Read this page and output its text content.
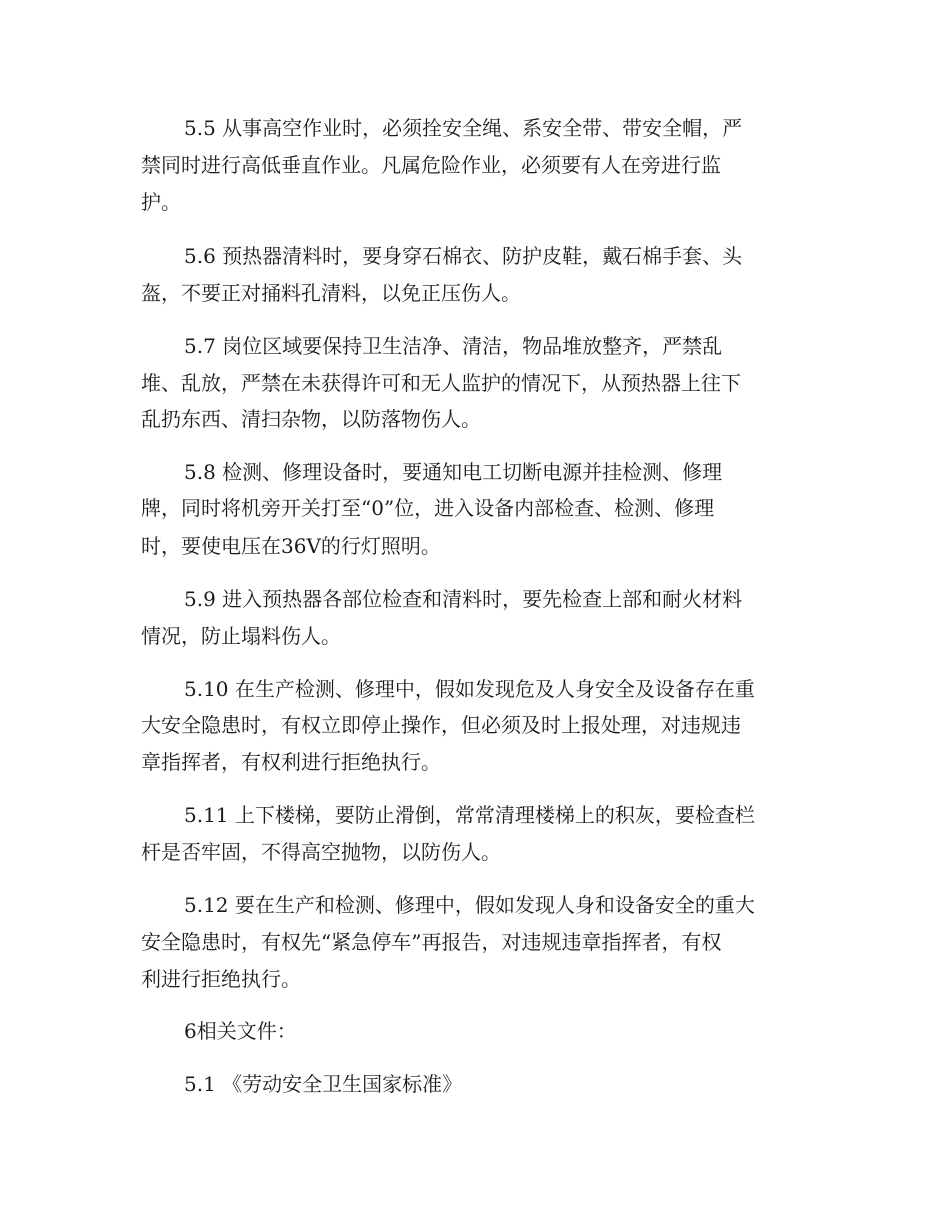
5.5 从事高空作业时，必须拴安全绳、系安全带、带安全帽，严

禁同时进行高低垂直作业。凡属危险作业，必须要有人在旁进行监

护。

5.6 预热器清料时，要身穿石棉衣、防护皮鞋，戴石棉手套、头

盔，不要正对捅料孔清料，以免正压伤人。

5.7 岗位区域要保持卫生洁净、清洁，物品堆放整齐，严禁乱

堆、乱放，严禁在未获得许可和无人监护的情况下，从预热器上往下

乱扔东西、清扫杂物，以防落物伤人。

5.8 检测、修理设备时，要通知电工切断电源并挂检测、修理

牌，同时将机旁开关打至“0”位，进入设备内部检查、检测、修理

时，要使电压在36V的行灯照明。

5.9 进入预热器各部位检查和清料时，要先检查上部和耐火材料

情况，防止塌料伤人。

5.10 在生产检测、修理中，假如发现危及人身安全及设备存在重

大安全隐患时，有权立即停止操作，但必须及时上报处理，对违规违

章指挥者，有权利进行拒绝执行。

5.11 上下楼梯，要防止滑倒，常常清理楼梯上的积灰，要检查栏

杆是否牢固，不得高空抛物，以防伤人。

5.12 要在生产和检测、修理中，假如发现人身和设备安全的重大

安全隐患时，有权先“紧急停车”再报告，对违规违章指挥者，有权

利进行拒绝执行。

6相关文件：

5.1 《劳动安全卫生国家标准》
